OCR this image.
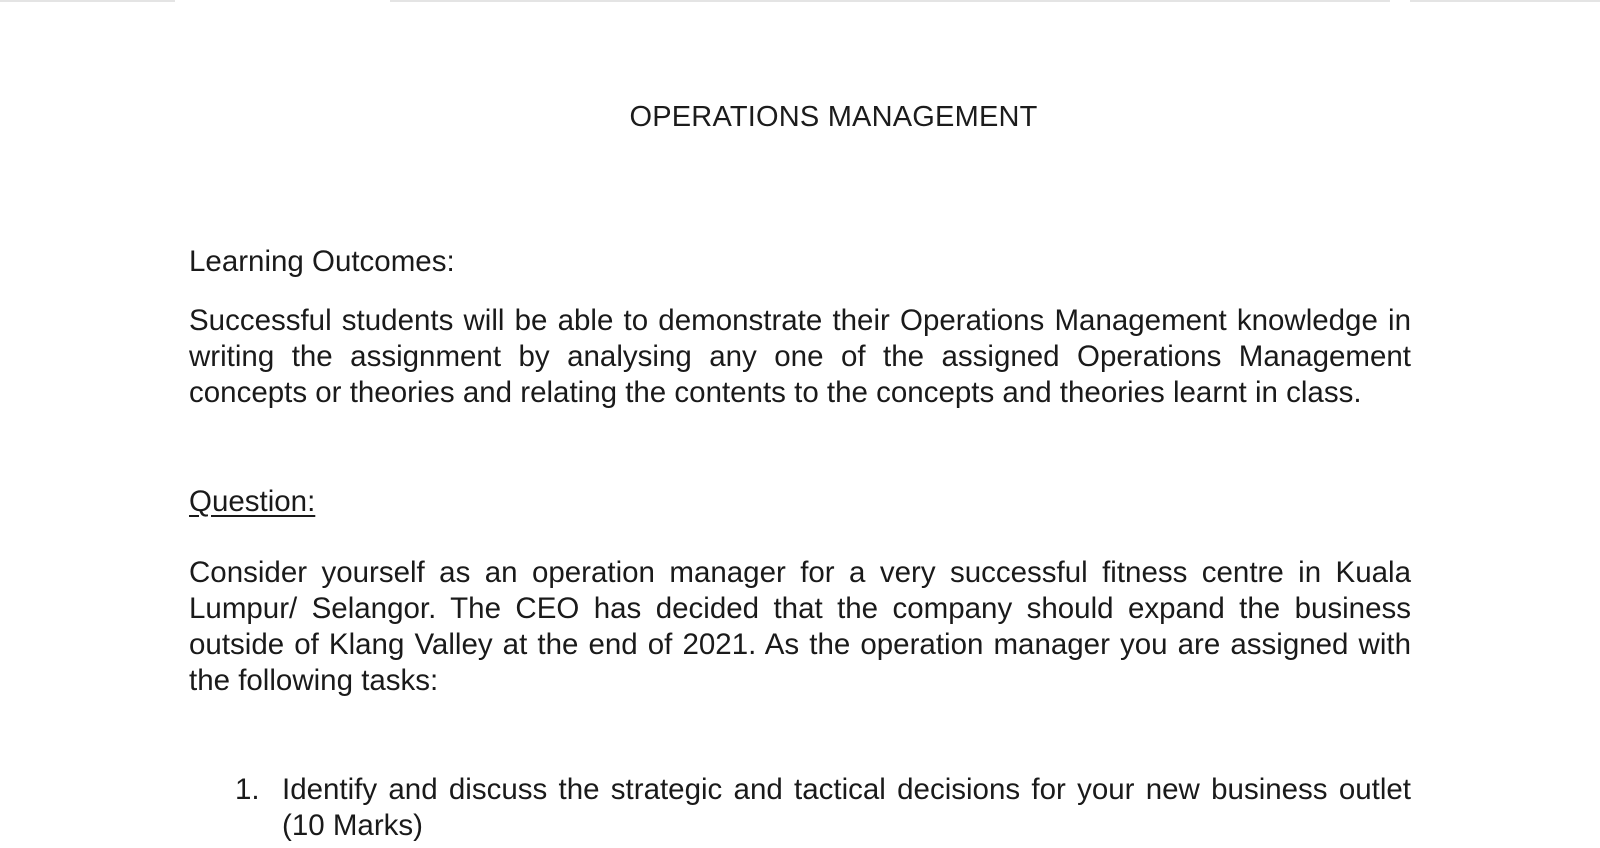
OPERATIONS MANAGEMENT
Learning Outcomes:
Successful students will be able to demonstrate their Operations Management knowledge in writing the assignment by analysing any one of the assigned Operations Management concepts or theories and relating the contents to the concepts and theories learnt in class.
Question:
Consider yourself as an operation manager for a very successful fitness centre in Kuala Lumpur/ Selangor. The CEO has decided that the company should expand the business outside of Klang Valley at the end of 2021. As the operation manager you are assigned with the following tasks:
1. Identify and discuss the strategic and tactical decisions for your new business outlet (10 Marks)
